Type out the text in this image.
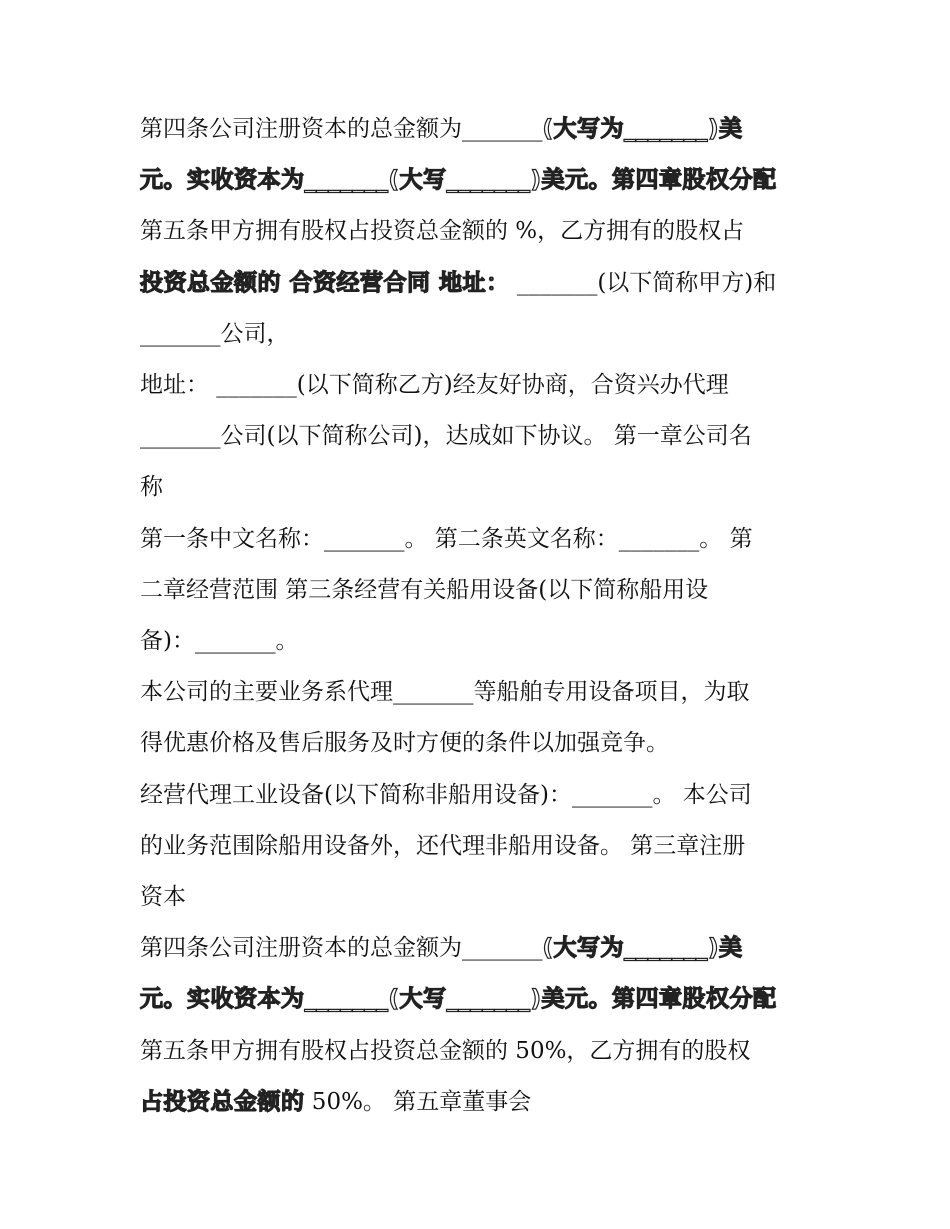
第四条公司注册资本的总金额为_______(大写为_______)美
元。实收资本为_______(大写_______)美元。第四章股权分配
第五条甲方拥有股权占投资总金额的 %，乙方拥有的股权占
投资总金额的 合资经营合同 地址： _______(以下简称甲方)和
_______公司，
地址： _______(以下简称乙方)经友好协商，合资兴办代理
_______公司(以下简称公司)，达成如下协议。 第一章公司名
称
第一条中文名称：_______。 第二条英文名称：_______。 第
二章经营范围 第三条经营有关船用设备(以下简称船用设
备)：_______。
本公司的主要业务系代理_______等船舶专用设备项目，为取
得优惠价格及售后服务及时方便的条件以加强竞争。
经营代理工业设备(以下简称非船用设备)：_______。 本公司
的业务范围除船用设备外，还代理非船用设备。 第三章注册
资本
第四条公司注册资本的总金额为_______(大写为_______)美
元。实收资本为_______(大写_______)美元。第四章股权分配
第五条甲方拥有股权占投资总金额的 50%，乙方拥有的股权
占投资总金额的 50%。 第五章董事会
